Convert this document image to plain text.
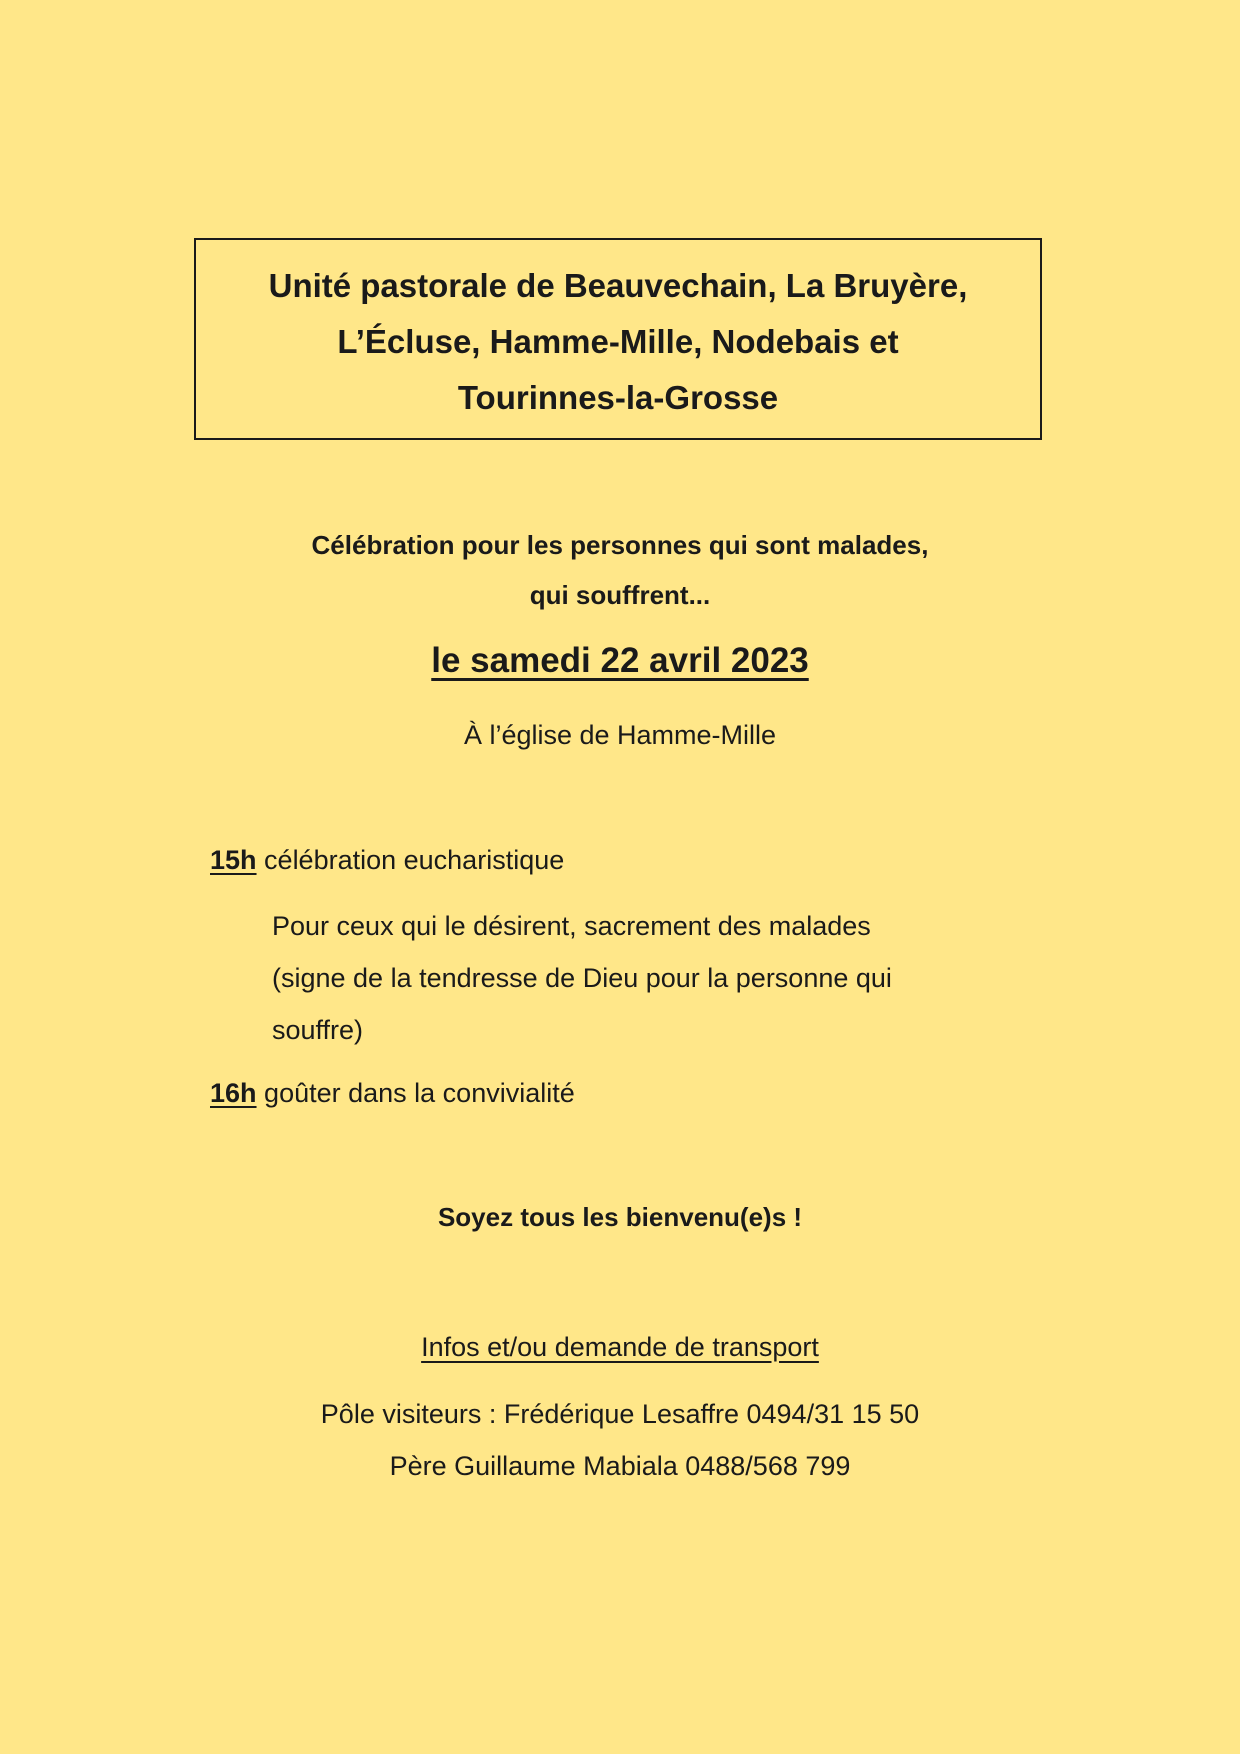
Unité pastorale de Beauvechain, La Bruyère,
L’Écluse, Hamme-Mille, Nodebais et
Tourinnes-la-Grosse
Célébration pour les personnes qui sont malades,
qui souffrent...
le samedi 22 avril 2023
À l’église de Hamme-Mille
15h célébration eucharistique
Pour ceux qui le désirent, sacrement des malades
(signe de la tendresse de Dieu pour la personne qui
souffre)
16h goûter dans la convivialité
Soyez tous les bienvenu(e)s !
Infos et/ou demande de transport
Pôle visiteurs : Frédérique Lesaffre 0494/31 15 50
Père Guillaume Mabiala 0488/568 799
